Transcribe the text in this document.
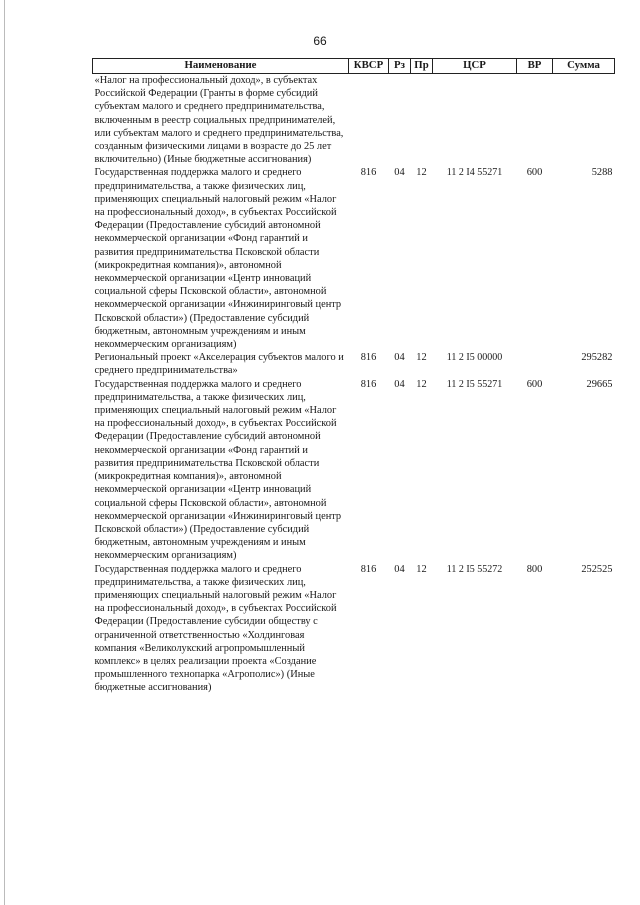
66
Наименование	КВСР	Рз	Пр	ЦСР	ВР	Сумма
«Налог на профессиональный доход», в субъектах Российской Федерации (Гранты в форме субсидий субъектам малого и среднего предпринимательства, включенным в реестр социальных предпринимателей, или субъектам малого и среднего предпринимательства, созданным физическими лицами в возрасте до 25 лет включительно) (Иные бюджетные ассигнования)						
Государственная поддержка малого и среднего предпринимательства, а также физических лиц, применяющих специальный налоговый режим «Налог на профессиональный доход», в субъектах Российской Федерации (Предоставление субсидий автономной некоммерческой организации «Фонд гарантий и развития предпринимательства Псковской области (микрокредитная компания)», автономной некоммерческой организации «Центр инноваций социальной сферы Псковской области», автономной некоммерческой организации «Инжиниринговый центр Псковской области») (Предоставление субсидий бюджетным, автономным учреждениям и иным некоммерческим организациям)	816	04	12	11 2 I4 55271	600	5288
Региональный проект «Акселерация субъектов малого и среднего предпринимательства»	816	04	12	11 2 I5 00000		295282
Государственная поддержка малого и среднего предпринимательства, а также физических лиц, применяющих специальный налоговый режим «Налог на профессиональный доход», в субъектах Российской Федерации (Предоставление субсидий автономной некоммерческой организации «Фонд гарантий и развития предпринимательства Псковской области (микрокредитная компания)», автономной некоммерческой организации «Центр инноваций социальной сферы Псковской области», автономной некоммерческой организации «Инжиниринговый центр Псковской области») (Предоставление субсидий бюджетным, автономным учреждениям и иным некоммерческим организациям)	816	04	12	11 2 I5 55271	600	29665
Государственная поддержка малого и среднего предпринимательства, а также физических лиц, применяющих специальный налоговый режим «Налог на профессиональный доход», в субъектах Российской Федерации (Предоставление субсидии обществу с ограниченной ответственностью «Холдинговая компания «Великолукский агропромышленный комплекс» в целях реализации проекта «Создание промышленного технопарка «Агрополис») (Иные бюджетные ассигнования)	816	04	12	11 2 I5 55272	800	252525
